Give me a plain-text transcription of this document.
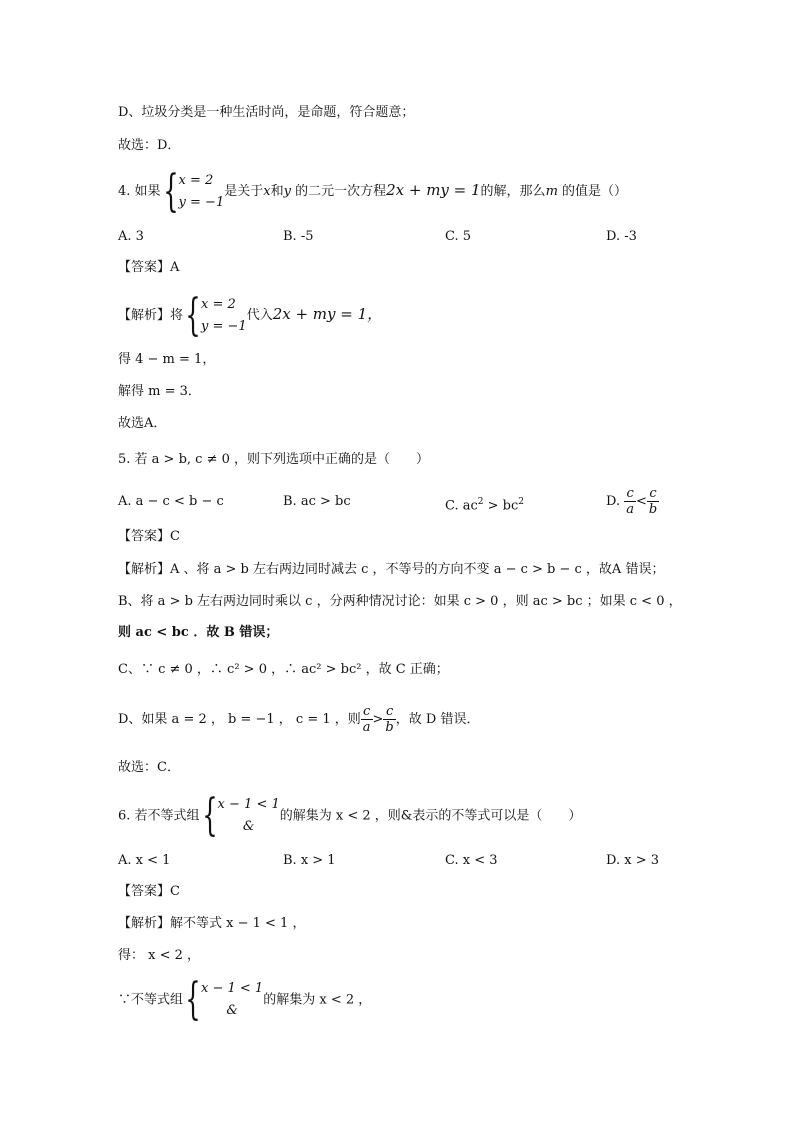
D、垃圾分类是一种生活时尚，是命题，符合题意；
故选：D．
4. 如果{ x = 2
y = −1
是关于x和y 的二元一次方程2x + my = 1的解，那么m 的值是（）
A. 3	B. -5	C. 5	D. -3
【答案】A
【解析】将{ x = 2
y = −1
代入2x + my = 1，
得 4 − m = 1，
解得 m = 3．
故选A．
5. 若 a > b, c ≠ 0 ，则下列选项中正确的是（　　）
A. a − c < b − c	B. ac > bc	C. $ac^2 > bc^2$	D. $\frac{c}{a} < \frac{c}{b}$
【答案】C
【解析】A 、将 a > b 左右两边同时减去 c ，不等号的方向不变 a − c > b − c ，故A 错误；
B、将 a > b 左右两边同时乘以 c ，分两种情况讨论：如果 c > 0 ，则 ac > bc ；如果 c < 0 ，
则 ac < bc ．故 B 错误；
C、∵ c ≠ 0 ，∴ c² > 0 ，∴ ac² > bc² ，故 C 正确；
D、如果 a = 2 ， b = −1 ， c = 1 ，则 $\frac{c}{a} > \frac{c}{b}$ ，故 D 错误．
故选：C．
6. 若不等式组{ x − 1 < 1
&
的解集为 x < 2 ，则&表示的不等式可以是（　　）
A. x < 1	B. x > 1	C. x < 3	D. x > 3
【答案】C
【解析】解不等式 x − 1 < 1 ，
得： x < 2 ，
∵不等式组{ x − 1 < 1
&
的解集为 x < 2 ，
